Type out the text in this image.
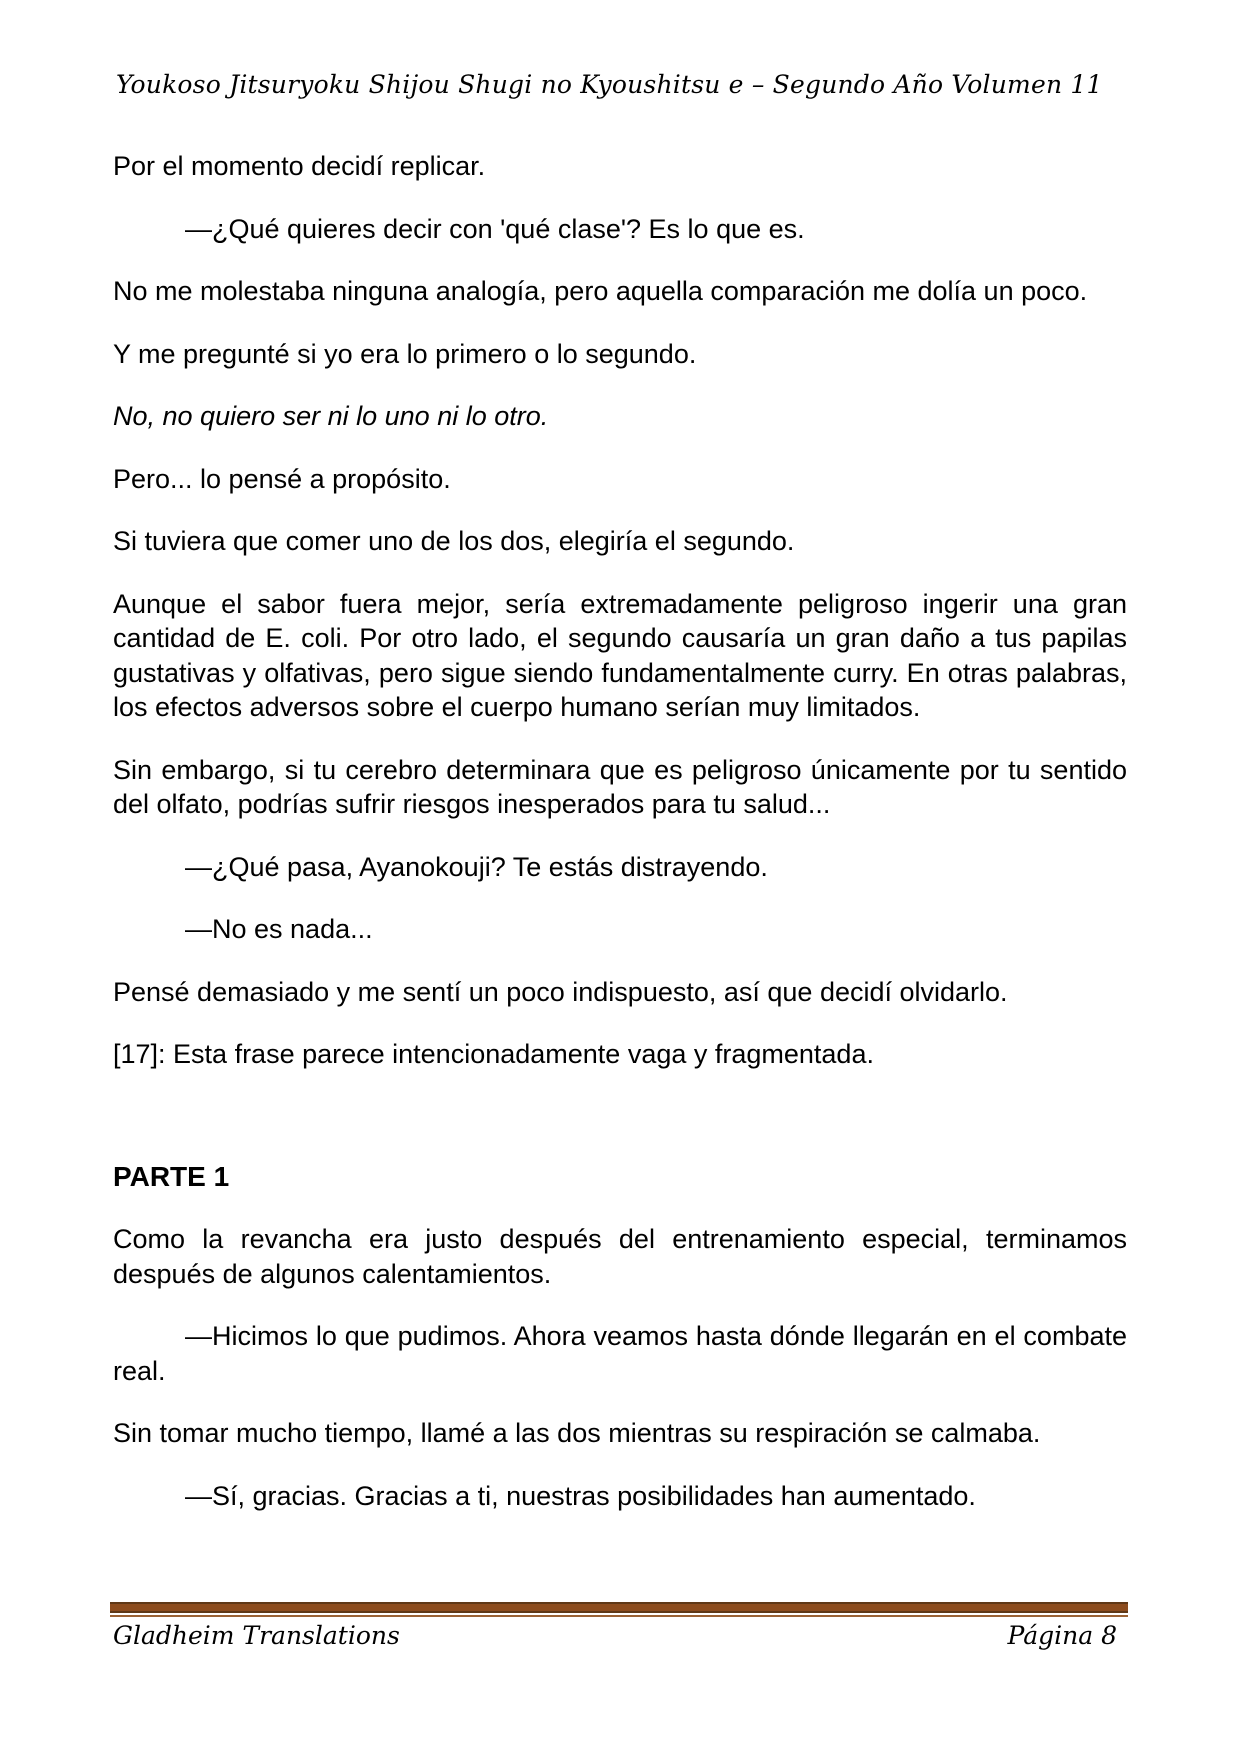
Youkoso Jitsuryoku Shijou Shugi no Kyoushitsu e – Segundo Año Volumen 11

Por el momento decidí replicar.

—¿Qué quieres decir con 'qué clase'? Es lo que es.

No me molestaba ninguna analogía, pero aquella comparación me dolía un poco.

Y me pregunté si yo era lo primero o lo segundo.

No, no quiero ser ni lo uno ni lo otro.

Pero... lo pensé a propósito.

Si tuviera que comer uno de los dos, elegiría el segundo.

Aunque el sabor fuera mejor, sería extremadamente peligroso ingerir una gran cantidad de E. coli. Por otro lado, el segundo causaría un gran daño a tus papilas gustativas y olfativas, pero sigue siendo fundamentalmente curry. En otras palabras, los efectos adversos sobre el cuerpo humano serían muy limitados.

Sin embargo, si tu cerebro determinara que es peligroso únicamente por tu sentido del olfato, podrías sufrir riesgos inesperados para tu salud...

—¿Qué pasa, Ayanokouji? Te estás distrayendo.

—No es nada...

Pensé demasiado y me sentí un poco indispuesto, así que decidí olvidarlo.

[17]: Esta frase parece intencionadamente vaga y fragmentada.

PARTE 1

Como la revancha era justo después del entrenamiento especial, terminamos después de algunos calentamientos.

—Hicimos lo que pudimos. Ahora veamos hasta dónde llegarán en el combate real.

Sin tomar mucho tiempo, llamé a las dos mientras su respiración se calmaba.

—Sí, gracias. Gracias a ti, nuestras posibilidades han aumentado.

Gladheim Translations	Página 8
